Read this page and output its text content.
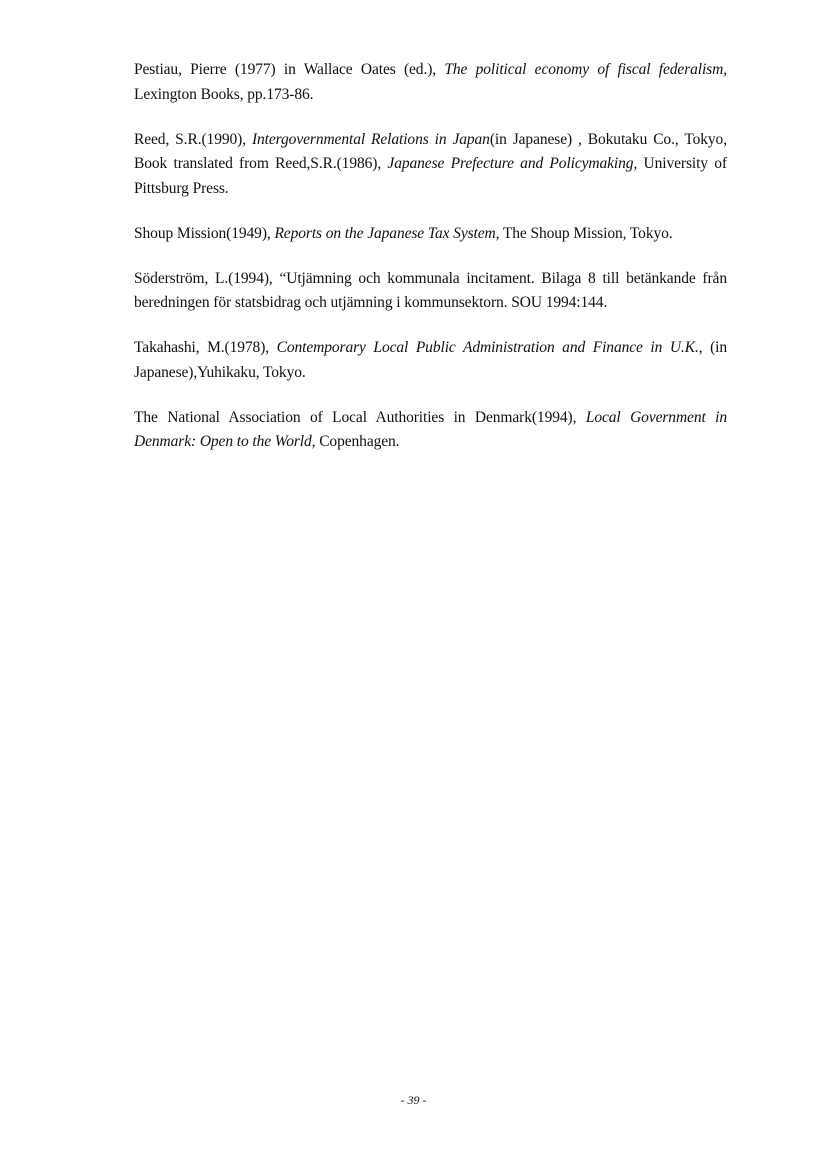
Pestiau, Pierre (1977) in Wallace Oates (ed.), The political economy of fiscal federalism, Lexington Books, pp.173-86.

Reed, S.R.(1990), Intergovernmental Relations in Japan(in Japanese) , Bokutaku Co., Tokyo, Book translated from Reed,S.R.(1986), Japanese Prefecture and Policymaking, University of Pittsburg Press.

Shoup Mission(1949), Reports on the Japanese Tax System, The Shoup Mission, Tokyo.

Söderström, L.(1994), “Utjämning och kommunala incitament. Bilaga 8 till betänkande från beredningen för statsbidrag och utjämning i kommunsektorn. SOU 1994:144.

Takahashi, M.(1978), Contemporary Local Public Administration and Finance in U.K., (in Japanese),Yuhikaku, Tokyo.

The National Association of Local Authorities in Denmark(1994), Local Government in Denmark: Open to the World, Copenhagen.

- 39 -
